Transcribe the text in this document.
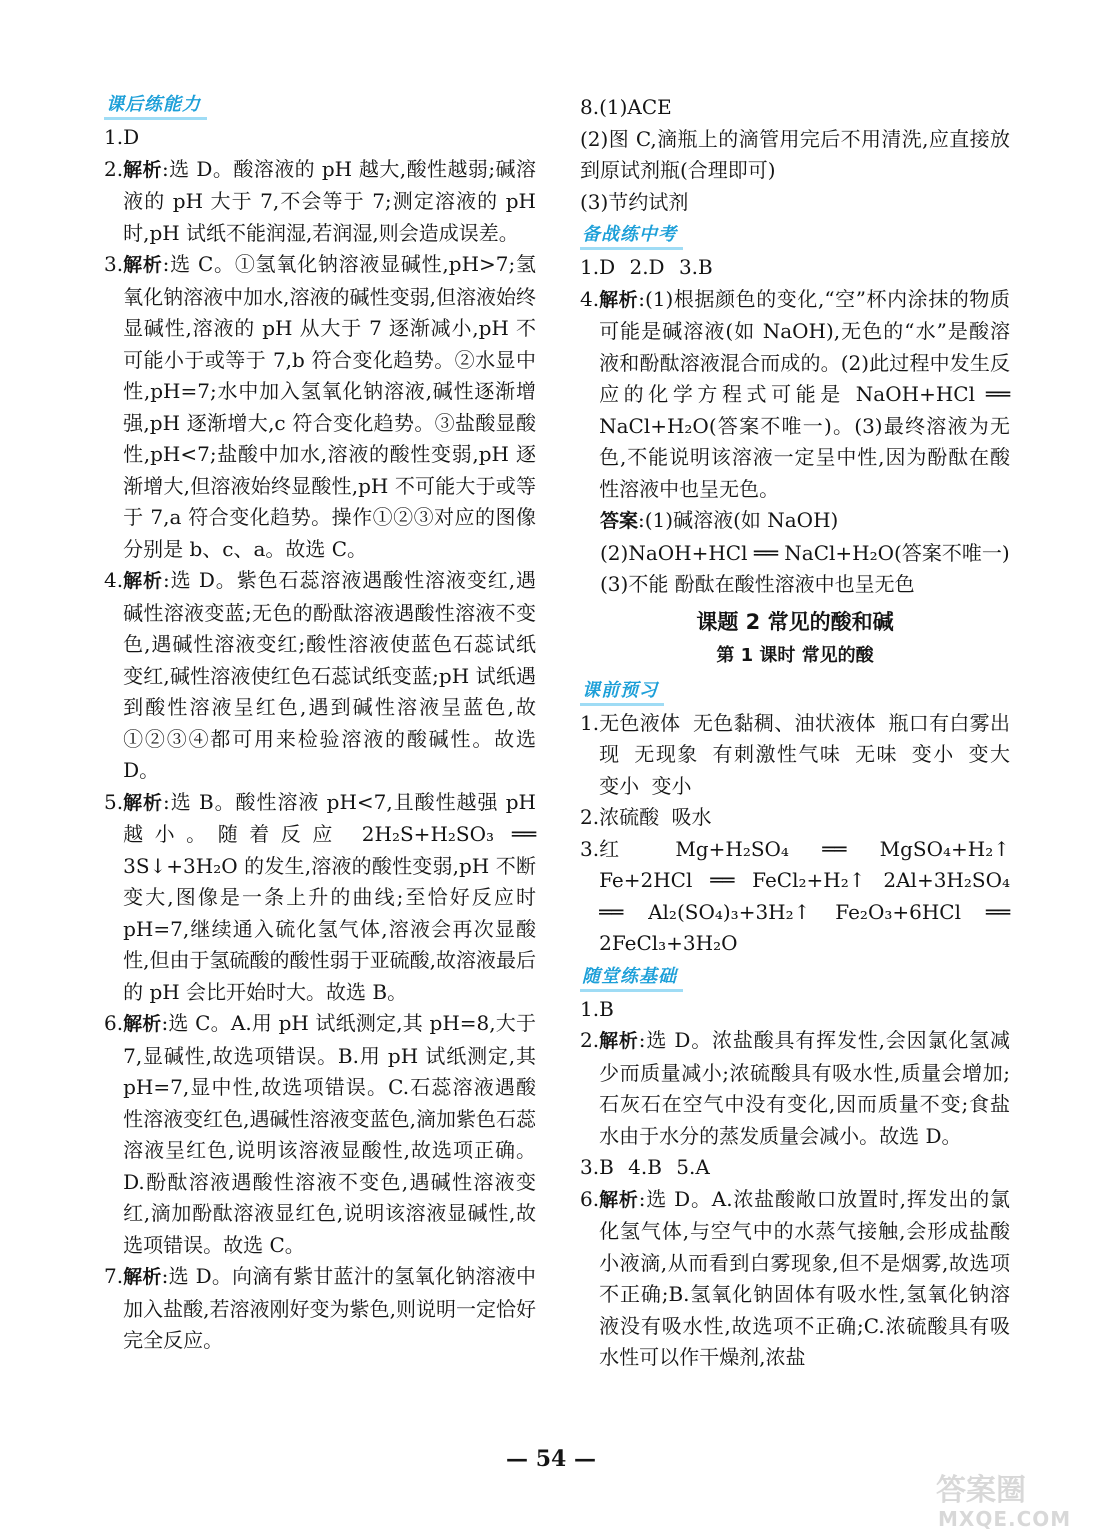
课后练能力
1. D
2. 解析:选 D。酸溶液的 pH 越大,酸性越弱;碱溶液的 pH 大于 7,不会等于 7;测定溶液的 pH 时,pH 试纸不能润湿,若润湿,则会造成误差。
3. 解析:选 C。①氢氧化钠溶液显碱性,pH>7;氢氧化钠溶液中加水,溶液的碱性变弱,但溶液始终显碱性,溶液的 pH 从大于 7 逐渐减小,pH 不可能小于或等于 7,b 符合变化趋势。②水显中性,pH=7;水中加入氢氧化钠溶液,碱性逐渐增强,pH 逐渐增大,c 符合变化趋势。③盐酸显酸性,pH<7;盐酸中加水,溶液的酸性变弱,pH 逐渐增大,但溶液始终显酸性,pH 不可能大于或等于 7,a 符合变化趋势。操作①②③对应的图像分别是 b、c、a。故选 C。
4. 解析:选 D。紫色石蕊溶液遇酸性溶液变红,遇碱性溶液变蓝;无色的酚酞溶液遇酸性溶液不变色,遇碱性溶液变红;酸性溶液使蓝色石蕊试纸变红,碱性溶液使红色石蕊试纸变蓝;pH 试纸遇到酸性溶液呈红色,遇到碱性溶液呈蓝色,故①②③④都可用来检验溶液的酸碱性。故选 D。
5. 解析:选 B。酸性溶液 pH<7,且酸性越强 pH 越小。随着反应 2H₂S+H₂SO₃ ══ 3S↓+3H₂O 的发生,溶液的酸性变弱,pH 不断变大,图像是一条上升的曲线;至恰好反应时 pH=7,继续通入硫化氢气体,溶液会再次显酸性,但由于氢硫酸的酸性弱于亚硫酸,故溶液最后的 pH 会比开始时大。故选 B。
6. 解析:选 C。A.用 pH 试纸测定,其 pH=8,大于 7,显碱性,故选项错误。B.用 pH 试纸测定,其 pH=7,显中性,故选项错误。C.石蕊溶液遇酸性溶液变红色,遇碱性溶液变蓝色,滴加紫色石蕊溶液呈红色,说明该溶液显酸性,故选项正确。D.酚酞溶液遇酸性溶液不变色,遇碱性溶液变红,滴加酚酞溶液显红色,说明该溶液显碱性,故选项错误。故选 C。
7. 解析:选 D。向滴有紫甘蓝汁的氢氧化钠溶液中加入盐酸,若溶液刚好变为紫色,则说明一定恰好完全反应。
8. (1)ACE
(2)图 C,滴瓶上的滴管用完后不用清洗,应直接放到原试剂瓶(合理即可)
(3)节约试剂
备战练中考
1.D 2.D 3.B
4. 解析:(1)根据颜色的变化,“空”杯内涂抹的物质可能是碱溶液(如 NaOH),无色的“水”是酸溶液和酚酞溶液混合而成的。(2)此过程中发生反应的化学方程式可能是 NaOH+HCl ══ NaCl+H₂O(答案不唯一)。(3)最终溶液为无色,不能说明该溶液一定呈中性,因为酚酞在酸性溶液中也呈无色。
答案:(1)碱溶液(如 NaOH)
(2)NaOH+HCl ══ NaCl+H₂O(答案不唯一)
(3)不能 酚酞在酸性溶液中也呈无色
课题 2 常见的酸和碱
第 1 课时 常见的酸
课前预习
1. 无色液体 无色黏稠、油状液体 瓶口有白雾出现 无现象 有刺激性气味 无味 变小 变大 变小 变小
2. 浓硫酸 吸水
3. 红 Mg+H₂SO₄ ══ MgSO₄+H₂↑ Fe+2HCl ══ FeCl₂+H₂↑ 2Al+3H₂SO₄ ══ Al₂(SO₄)₃+3H₂↑ Fe₂O₃+6HCl ══ 2FeCl₃+3H₂O
随堂练基础
1.B
2. 解析:选 D。浓盐酸具有挥发性,会因氯化氢减少而质量减小;浓硫酸具有吸水性,质量会增加;石灰石在空气中没有变化,因而质量不变;食盐水由于水分的蒸发质量会减小。故选 D。
3.B 4.B 5.A
6. 解析:选 D。A.浓盐酸敞口放置时,挥发出的氯化氢气体,与空气中的水蒸气接触,会形成盐酸小液滴,从而看到白雾现象,但不是烟雾,故选项不正确;B.氢氧化钠固体有吸水性,氢氧化钠溶液没有吸水性,故选项不正确;C.浓硫酸具有吸水性可以作干燥剂,浓盐
— 54 —
答案圈
MXQE.COM
